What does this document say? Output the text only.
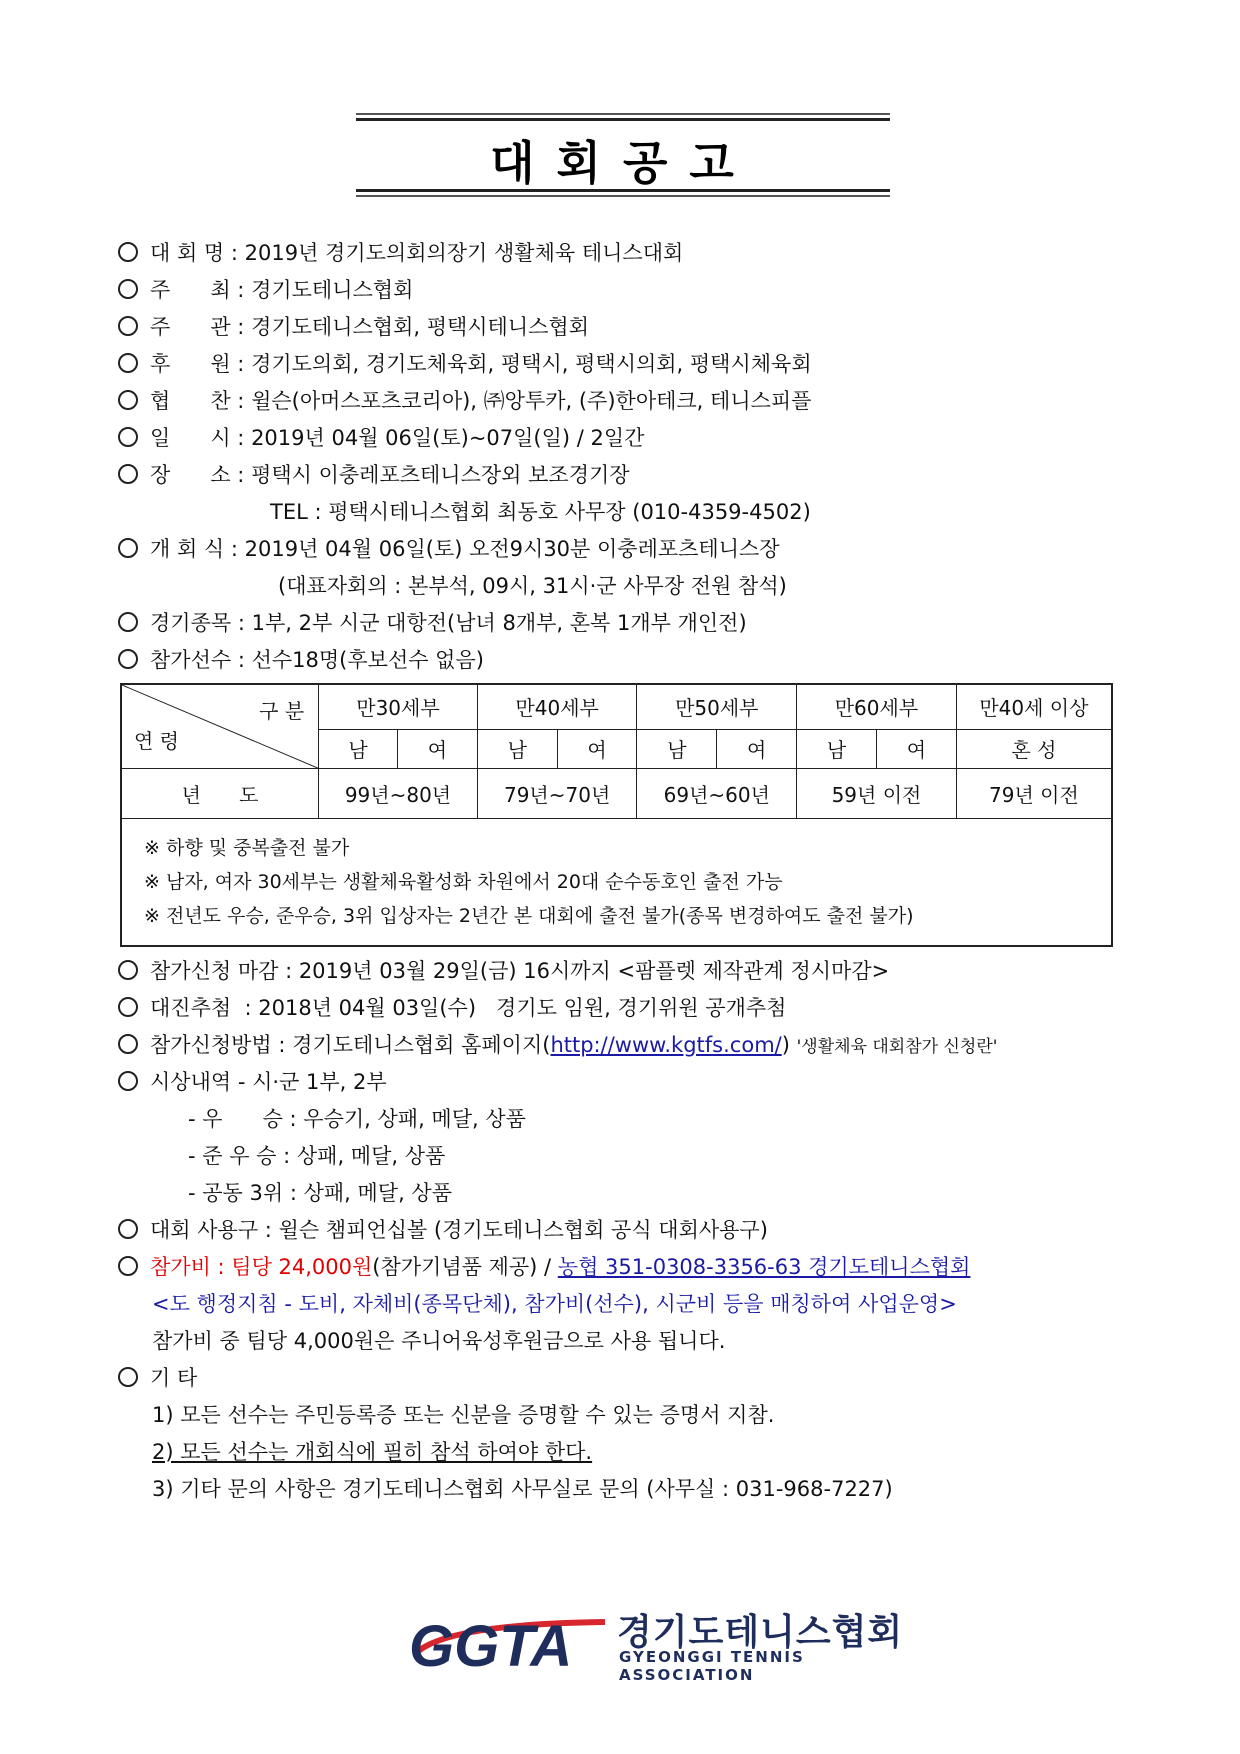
대회공고
대 회 명 : 2019년 경기도의회의장기 생활체육 테니스대회
주      최 : 경기도테니스협회
주      관 : 경기도테니스협회, 평택시테니스협회
후      원 : 경기도의회, 경기도체육회, 평택시, 평택시의회, 평택시체육회
협      찬 : 윌슨(아머스포츠코리아), ㈜앙투카, (주)한아테크, 테니스피플
일      시 : 2019년 04월 06일(토)~07일(일) / 2일간
장      소 : 평택시 이충레포츠테니스장외 보조경기장
TEL : 평택시테니스협회 최동호 사무장 (010-4359-4502)
개 회 식 : 2019년 04월 06일(토) 오전9시30분 이충레포츠테니스장
(대표자회의 : 본부석, 09시, 31시·군 사무장 전원 참석)
경기종목 : 1부, 2부 시군 대항전(남녀 8개부, 혼복 1개부 개인전)
참가선수 : 선수18명(후보선수 없음)
구 분
연 령	만30세부		만40세부		만50세부		만60세부		만40세 이상
	남	여	남	여	남	여	남	여	혼 성
년      도	99년~80년		79년~70년		69년~60년		59년 이전		79년 이전

※ 하향 및 중복출전 불가
※ 남자, 여자 30세부는 생활체육활성화 차원에서 20대 순수동호인 출전 가능
※ 전년도 우승, 준우승, 3위 입상자는 2년간 본 대회에 출전 불가(종목 변경하여도 출전 불가)									
참가신청 마감 : 2019년 03월 29일(금) 16시까지 <팜플렛 제작관계 정시마감>
대진추첨  : 2018년 04월 03일(수)   경기도 임원, 경기위원 공개추첨
참가신청방법 : 경기도테니스협회 홈페이지(http://www.kgtfs.com/) '생활체육 대회참가 신청란'
시상내역 - 시·군 1부, 2부
- 우      승 : 우승기, 상패, 메달, 상품
- 준 우 승 : 상패, 메달, 상품
- 공동 3위 : 상패, 메달, 상품
대회 사용구 : 윌슨 챔피언십볼 (경기도테니스협회 공식 대회사용구)
참가비 : 팀당 24,000원(참가기념품 제공) / 농협 351-0308-3356-63 경기도테니스협회
<도 행정지침 - 도비, 자체비(종목단체), 참가비(선수), 시군비 등을 매칭하여 사업운영>
참가비 중 팀당 4,000원은 주니어육성후원금으로 사용 됩니다.
기 타
1) 모든 선수는 주민등록증 또는 신분을 증명할 수 있는 증명서 지참.
2) 모든 선수는 개회식에 필히 참석 하여야 한다.
3) 기타 문의 사항은 경기도테니스협회 사무실로 문의 (사무실 : 031-968-7227)
GGTA 경기도테니스협회
GYEONGGI TENNIS ASSOCIATION
